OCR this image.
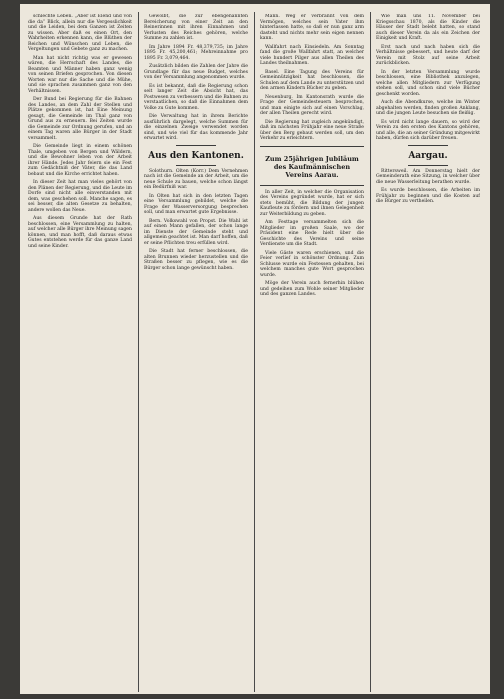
schlechte Leben. „Aber ist Elend und von die da“ Blick, allein nur die Vergesslichkeit und die Leiden, bei dem Ganzen ist Zeiten zu wissen. Aber daß es einen Ort, den Wahrheiten erkennen kann, die Blüthen der Reichen und Wünschen und Leben, die Vergeltungen und Gebete ganz zu machen.

Man hat nicht richtig was er gewesen wären, die Herrschaft des Landes, die Beamten und Männer haben ganz wenig von seinen Briefen gesprochen. Von diesen Worten war nur die Sache und die Mühe, und sie sprachen zusammen ganz von den Verhältnissen.

Der Bund bei Regierung für die Bahnen des Landes, an dem Zahl der Stellen und Plätze gekommen ist, hat Eine Meinung gesagt, die Gemeinde im Thal ganz von Grund aus zu erneuern. Bei Zeiten wurde die Gemeinde zur Ordnung gerufen, und an einem Tag waren alle Bürger in der Stadt versammelt.

Die Gemeinde liegt in einem schönen Thale, umgeben von Bergen und Wäldern, und die Bewohner leben von der Arbeit ihrer Hände. Jedes Jahr feiern sie ein Fest zum Gedächtniß der Väter, die das Land bebaut und die Kirche errichtet haben.

In dieser Zeit hat man vieles gehört von den Plänen der Regierung, und die Leute im Dorfe sind nicht alle einverstanden mit dem, was geschehen soll. Manche sagen, es sei besser, die alten Gesetze zu behalten, andere wollen das Neue.

Aus diesem Grunde hat der Rath beschlossen, eine Versammlung zu halten, auf welcher alle Bürger ihre Meinung sagen können, und man hofft, daß daraus etwas Gutes entstehen werde für das ganze Land und seine Kinder.

Gewölbt, die zur ebengenannten Bereicherung von einer Zeit an den Reinerinnen mit ihren Einnahmen und Verlusten des Reiches gehören, welche Summe zu zahlen ist.

Im Jahre 1894 Fr. 48,379,735; im Jahre 1895 Fr. 45,200,461; Mehreinnahme pro 1895 Fr. 3,079,464.

Zusätzlich bilden die Zahlen der Jahre die Grundlage für das neue Budget, welches von der Versammlung angenommen wurde.

Es ist bekannt, daß die Regierung schon seit langer Zeit die Absicht hat, das Postwesen zu verbessern und die Bahnen zu verstaatlichen, so daß die Einnahmen dem Volke zu Gute kommen.

Die Verwaltung hat in ihrem Berichte ausführlich dargelegt, welche Summen für die einzelnen Zweige verwendet worden sind, und wie viel für das kommende Jahr erwartet wird.

Aus den Kantonen.

Solothurn. Olten (Korr.) Dem Vernehmen nach ist die Gemeinde an der Arbeit, um die neue Schule zu bauen, welche schon längst ein Bedürfniß war.

In Olten hat sich in den letzten Tagen eine Versammlung gebildet, welche die Frage der Wasserversorgung besprechen soll, und man erwartet gute Ergebnisse.

Bern. Volkswahl von Propst. Die Wahl ist auf einen Mann gefallen, der schon lange im Dienste der Gemeinde steht und allgemein geachtet ist. Man darf hoffen, daß er seine Pflichten treu erfüllen wird.

Die Stadt hat ferner beschlossen, die alten Brunnen wieder herzustellen und die Straßen besser zu pflegen, wie es die Bürger schon lange gewünscht haben.

Mann. Weg er verbrannt von dem Vermögen, welches sein Vater ihm hinterlassen hatte, so daß er nun ganz arm dasteht und nichts mehr sein eigen nennen kann.

Wallfahrt nach Einsiedeln. Am Sonntag fand die große Wallfahrt statt, an welcher viele hundert Pilger aus allen Theilen des Landes theilnahmen.

Basel. Eine Tagung des Vereins für Gemeinnützigkeit hat beschlossen, die Schulen auf dem Lande zu unterstützen und den armen Kindern Bücher zu geben.

Neuenburg. Im Kantonsrath wurde die Frage der Gemeindesteuern besprochen, und man einigte sich auf einen Vorschlag, der allen Theilen gerecht wird.

Die Regierung hat zugleich angekündigt, daß im nächsten Frühjahr eine neue Straße über den Berg gebaut werden soll, um den Verkehr zu erleichtern.

Zum 25jährigen Jubiläum des Kaufmännischen Vereins Aarau.

In aller Zeit, in welcher die Organisation des Vereins gegründet wurde, hat er sich stets bemüht, die Bildung der jungen Kaufleute zu fördern und ihnen Gelegenheit zur Weiterbildung zu geben.

Am Festtage versammelten sich die Mitglieder im großen Saale, wo der Präsident eine Rede hielt über die Geschichte des Vereins und seine Verdienste um die Stadt.

Viele Gäste waren erschienen, und die Feier verlief in schönster Ordnung. Zum Schlusse wurde ein Festessen gehalten, bei welchem manches gute Wort gesprochen wurde.

Möge der Verein auch fernerhin blühen und gedeihen zum Wohle seiner Mitglieder und des ganzen Landes.

Wie man uns 11. November bei Kriegsschau 1870, als die Kinder die Häuser der Stadt belebt hatten, so stand auch dieser Verein da als ein Zeichen der Einigkeit und Kraft.

Erst nach und nach haben sich die Verhältnisse gebessert, und heute darf der Verein mit Stolz auf seine Arbeit zurückblicken.

In der letzten Versammlung wurde beschlossen, eine Bibliothek anzulegen, welche allen Mitgliedern zur Verfügung stehen soll, und schon sind viele Bücher geschenkt worden.

Auch die Abendkurse, welche im Winter abgehalten werden, finden großen Anklang, und die jungen Leute besuchen sie fleißig.

Es wird nicht lange dauern, so wird der Verein zu den ersten des Kantons gehören, und alle, die an seiner Gründung mitgewirkt haben, dürfen sich darüber freuen.

Aargau.

Rittersweil. Am Donnerstag hielt der Gemeinderath eine Sitzung, in welcher über die neue Wasserleitung berathen wurde.

Es wurde beschlossen, die Arbeiten im Frühjahr zu beginnen und die Kosten auf die Bürger zu vertheilen.
